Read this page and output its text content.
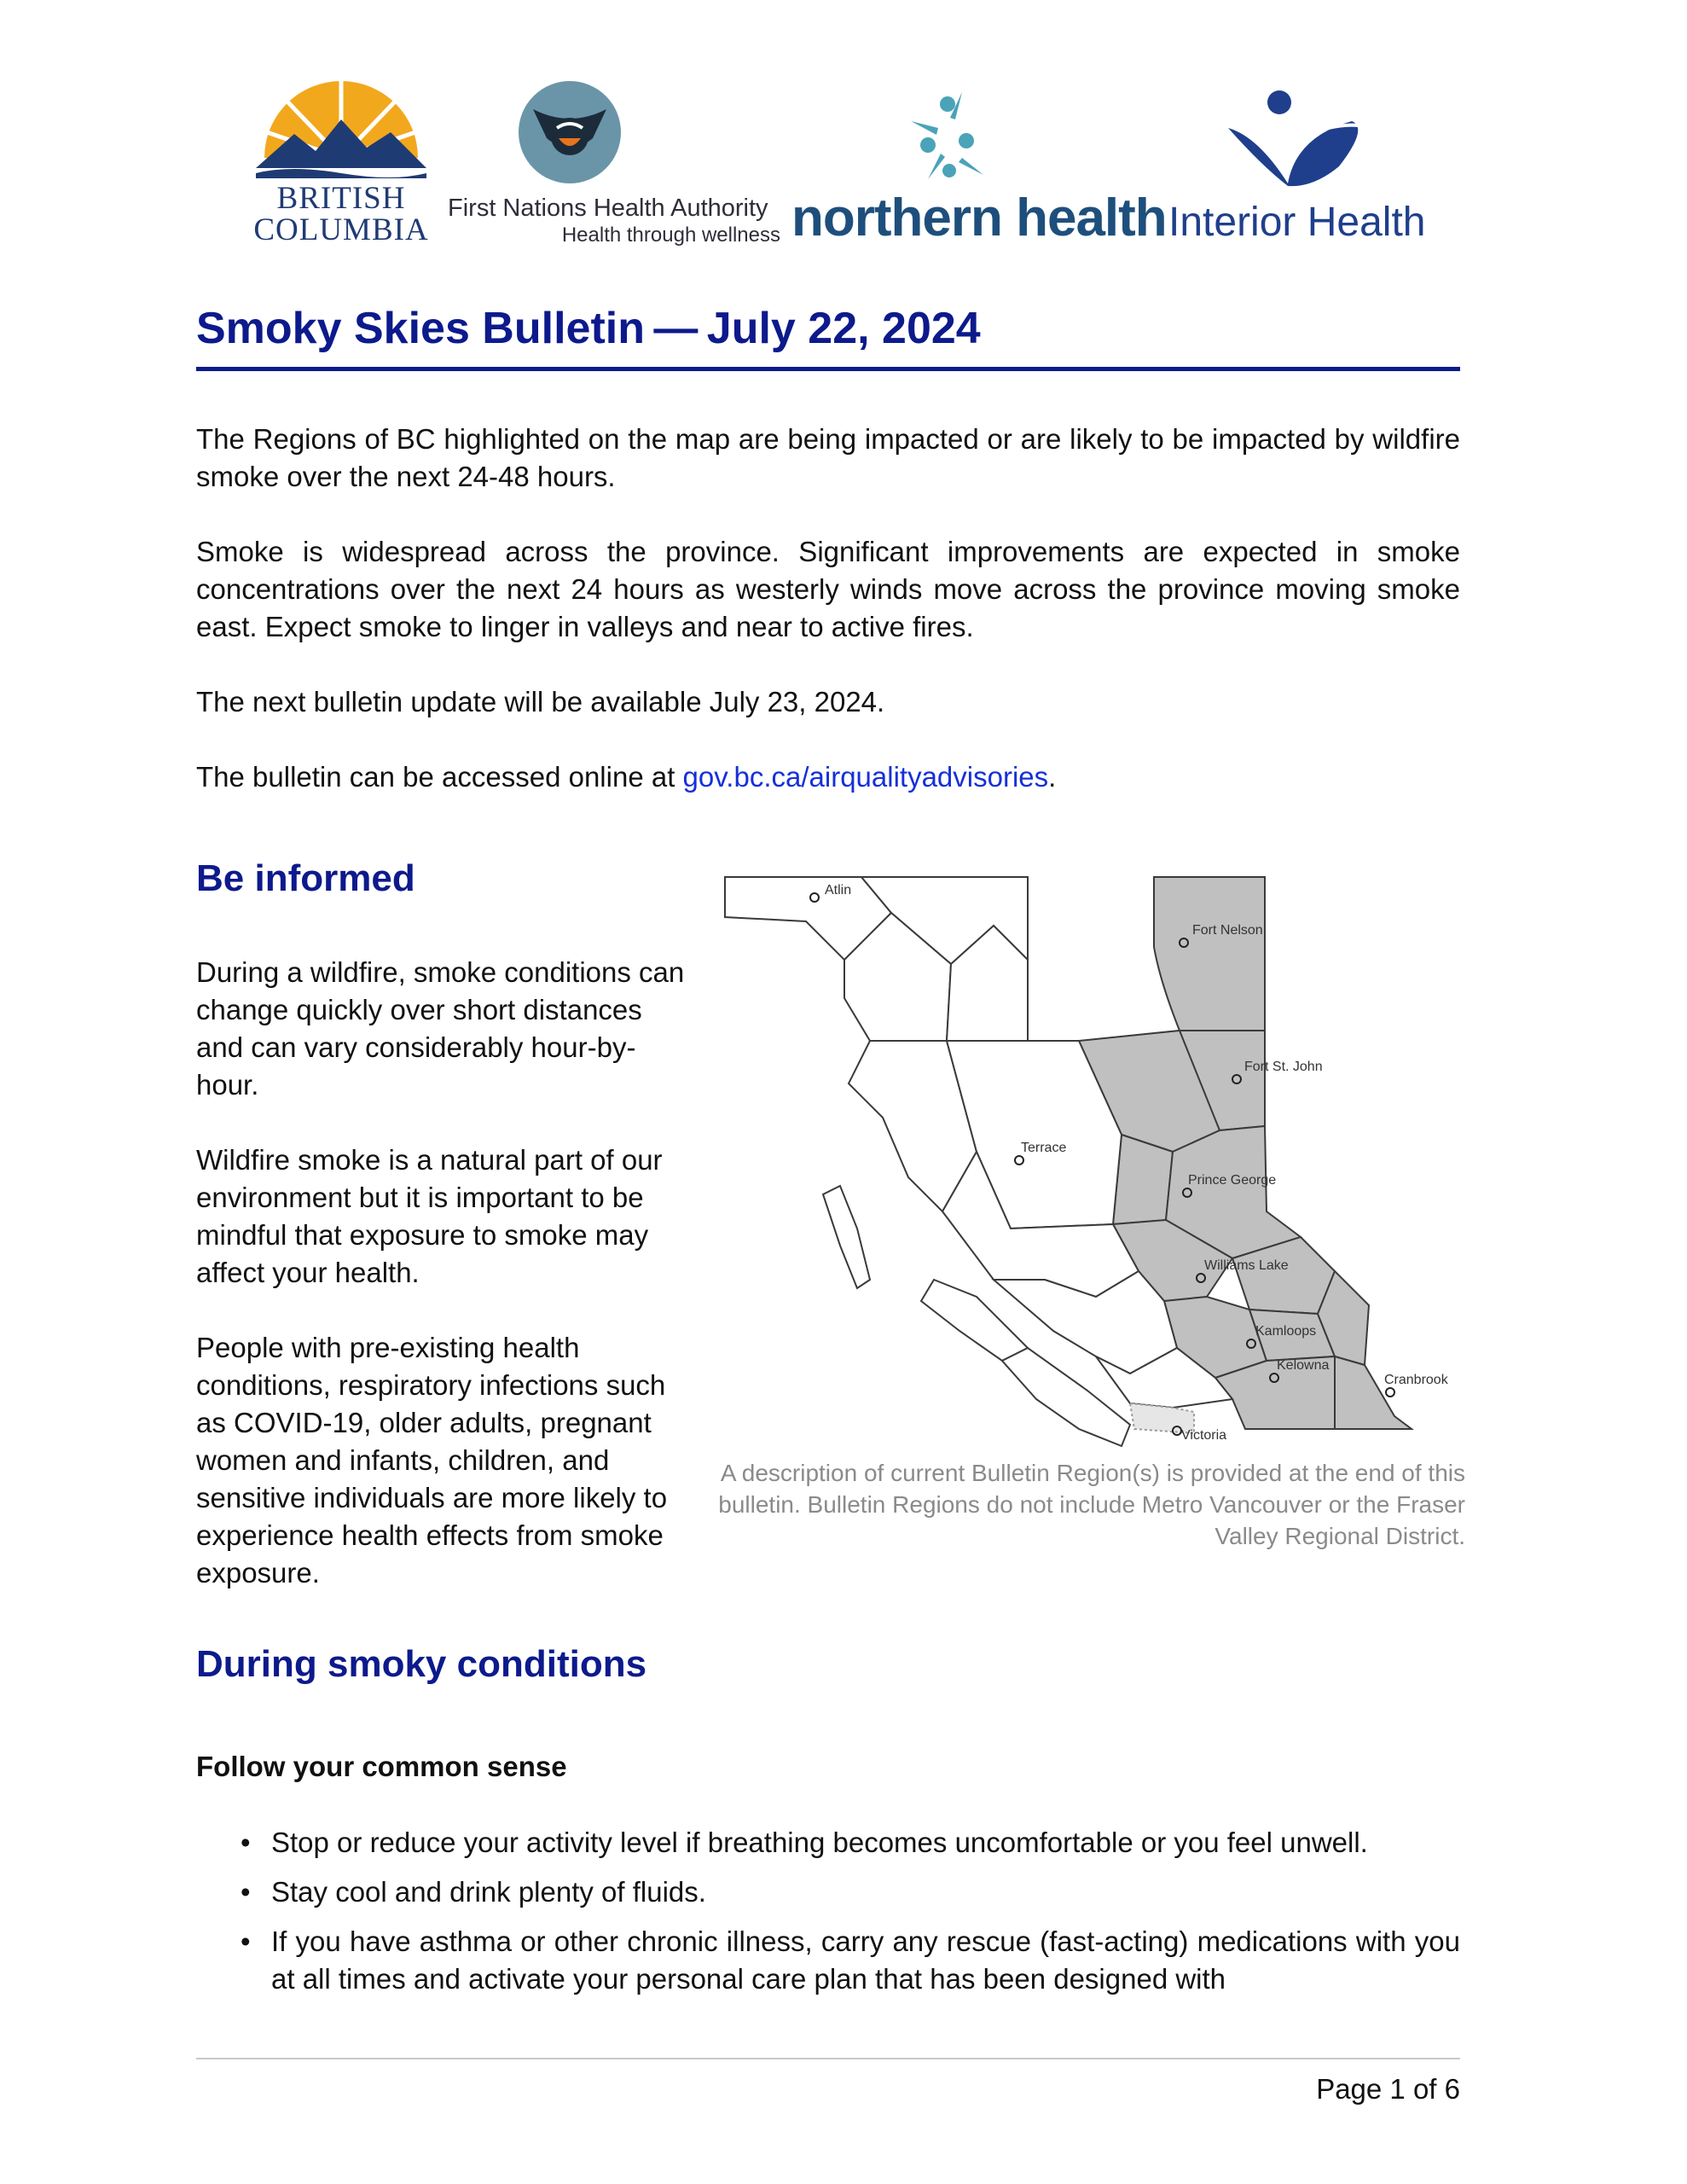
BRITISH
COLUMBIA
First Nations Health Authority
Health through wellness northern health Interior Health
Smoky Skies Bulletin — July 22, 2024

The Regions of BC highlighted on the map are being impacted or are likely to be impacted by wildfire smoke over the next 24-48 hours.

Smoke is widespread across the province. Significant improvements are expected in smoke concentrations over the next 24 hours as westerly winds move across the province moving smoke east. Expect smoke to linger in valleys and near to active fires.

The next bulletin update will be available July 23, 2024.

The bulletin can be accessed online at gov.bc.ca/airqualityadvisories.

Be informed

During a wildfire, smoke conditions can change quickly over short distances and can vary considerably hour-by-hour.

Wildfire smoke is a natural part of our environment but it is important to be mindful that exposure to smoke may affect your health.

People with pre-existing health conditions, respiratory infections such as COVID-19, older adults, pregnant women and infants, children, and sensitive individuals are more likely to experience health effects from smoke exposure.

Atlin
Fort Nelson
Fort St. John
Terrace
Prince George
Williams Lake
Kamloops
Kelowna
Cranbrook
Victoria

A description of current Bulletin Region(s) is provided at the end of this bulletin. Bulletin Regions do not include Metro Vancouver or the Fraser Valley Regional District.

During smoky conditions
Follow your common sense
• Stop or reduce your activity level if breathing becomes uncomfortable or you feel unwell.
• Stay cool and drink plenty of fluids.
• If you have asthma or other chronic illness, carry any rescue (fast-acting) medications with you at all times and activate your personal care plan that has been designed with
Page 1 of 6
